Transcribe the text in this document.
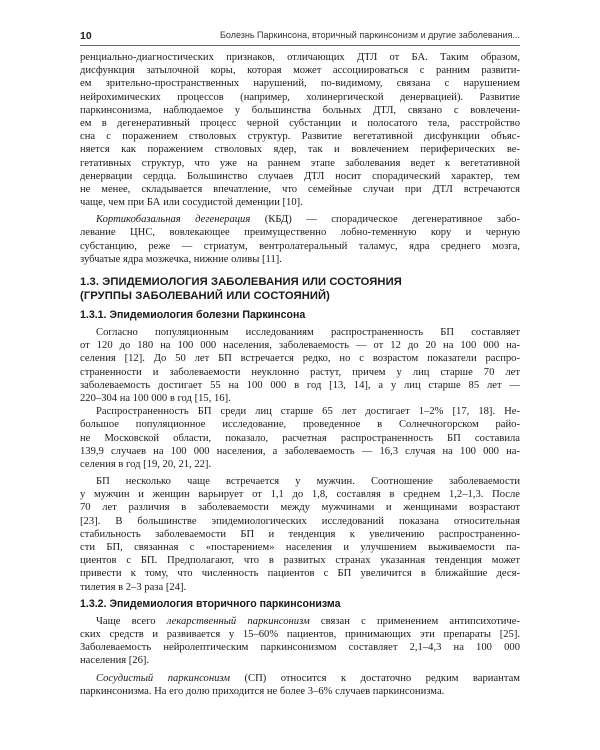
10	Болезнь Паркинсона, вторичный паркинсонизм и другие заболевания...
ренциально-диагностических признаков, отличающих ДТЛ от БА. Таким образом,
дисфункция затылочной коры, которая может ассоциироваться с ранним развити-
ем зрительно-пространственных нарушений, по-видимому, связана с нарушением
нейрохимических процессов (например, холинергической денервацией). Развитие
паркинсонизма, наблюдаемое у большинства больных ДТЛ, связано с вовлечени-
ем в дегенеративный процесс черной субстанции и полосатого тела, расстройство
сна с поражением стволовых структур. Развитие вегетативной дисфункции объяс-
няется как поражением стволовых ядер, так и вовлечением периферических ве-
гетативных структур, что уже на раннем этапе заболевания ведет к вегетативной
денервации сердца. Большинство случаев ДТЛ носит спорадический характер, тем
не менее, складывается впечатление, что семейные случаи при ДТЛ встречаются
чаще, чем при БА или сосудистой деменции [10].
Кортикобазальная дегенерация (КБД) — спорадическое дегенеративное забо-
левание ЦНС, вовлекающее преимущественно лобно-теменную кору и черную
субстанцию, реже — стриатум, вентролатеральный таламус, ядра среднего мозга,
зубчатые ядра мозжечка, нижние оливы [11].
1.3. ЭПИДЕМИОЛОГИЯ ЗАБОЛЕВАНИЯ ИЛИ СОСТОЯНИЯ
(ГРУППЫ ЗАБОЛЕВАНИЙ ИЛИ СОСТОЯНИЙ)
1.3.1. Эпидемиология болезни Паркинсона
Согласно популяционным исследованиям распространенность БП составляет
от 120 до 180 на 100 000 населения, заболеваемость — от 12 до 20 на 100 000 на-
селения [12]. До 50 лет БП встречается редко, но с возрастом показатели распро-
страненности и заболеваемости неуклонно растут, причем у лиц старше 70 лет
заболеваемость достигает 55 на 100 000 в год [13, 14], а у лиц старше 85 лет —
220–304 на 100 000 в год [15, 16].
Распространенность БП среди лиц старше 65 лет достигает 1–2% [17, 18]. Не-
большое популяционное исследование, проведенное в Солнечногорском райо-
не Московской области, показало, расчетная распространенность БП составила
139,9 случаев на 100 000 населения, а заболеваемость — 16,3 случая на 100 000 на-
селения в год [19, 20, 21, 22].
БП несколько чаще встречается у мужчин. Соотношение заболеваемости
у мужчин и женщин варьирует от 1,1 до 1,8, составляя в среднем 1,2–1,3. После
70 лет различия в заболеваемости между мужчинами и женщинами возрастают
[23]. В большинстве эпидемиологических исследований показана относительная
стабильность заболеваемости БП и тенденция к увеличению распространенно-
сти БП, связанная с «постарением» населения и улучшением выживаемости па-
циентов с БП. Предполагают, что в развитых странах указанная тенденция может
привести к тому, что численность пациентов с БП увеличится в ближайшие деся-
тилетия в 2–3 раза [24].
1.3.2. Эпидемиология вторичного паркинсонизма
Чаще всего лекарственный паркинсонизм связан с применением антипсихотиче-
ских средств и развивается у 15–60% пациентов, принимающих эти препараты [25].
Заболеваемость нейролептическим паркинсонизмом составляет 2,1–4,3 на 100 000
населения [26].
Сосудистый паркинсонизм (СП) относится к достаточно редким вариантам
паркинсонизма. На его долю приходится не более 3–6% случаев паркинсонизма.
